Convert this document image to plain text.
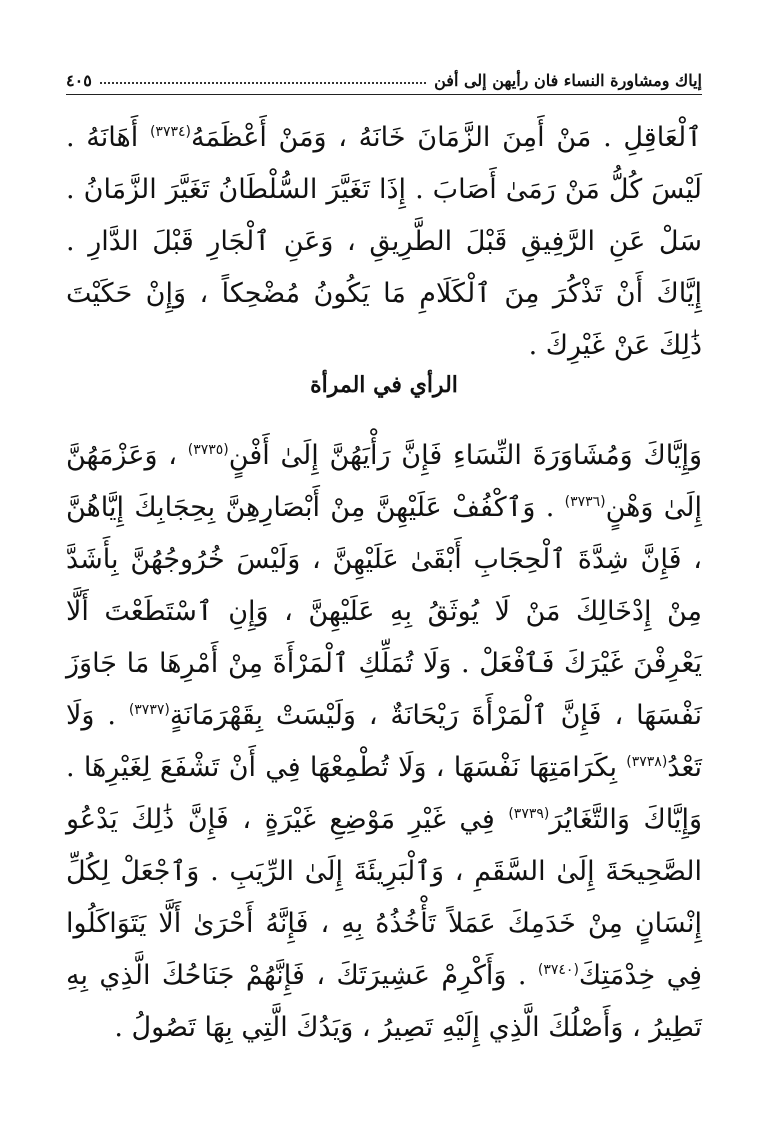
إياك ومشاورة النساء فان رأيهن إلى أفن
٤٠٥

ٱلْعَاقِلِ . مَنْ أَمِنَ الزَّمَانَ خَانَهُ ، وَمَنْ أَعْظَمَهُ$^{(٣٧٣٤)}$ أَهَانَهُ . لَيْسَ كُلُّ مَنْ رَمَىٰ أَصَابَ . إِذَا تَغَيَّرَ السُّلْطَانُ تَغَيَّرَ الزَّمَانُ . سَلْ عَنِ الرَّفِيقِ قَبْلَ الطَّرِيقِ ، وَعَنِ ٱلْجَارِ قَبْلَ الدَّارِ . إِيَّاكَ أَنْ تَذْكُرَ مِنَ ٱلْكَلَامِ مَا يَكُونُ مُضْحِكاً ، وَإِنْ حَكَيْتَ ذَٰلِكَ عَنْ غَيْرِكَ .

الرأي في المرأة

وَإِيَّاكَ وَمُشَاوَرَةَ النِّسَاءِ فَإِنَّ رَأْيَهُنَّ إِلَىٰ أَفْنٍ$^{(٣٧٣٥)}$ ، وَعَزْمَهُنَّ إِلَىٰ وَهْنٍ$^{(٣٧٣٦)}$ . وَٱكْفُفْ عَلَيْهِنَّ مِنْ أَبْصَارِهِنَّ بِحِجَابِكَ إِيَّاهُنَّ ، فَإِنَّ شِدَّةَ ٱلْحِجَابِ أَبْقَىٰ عَلَيْهِنَّ ، وَلَيْسَ خُرُوجُهُنَّ بِأَشَدَّ مِنْ إِدْخَالِكَ مَنْ لَا يُوثَقُ بِهِ عَلَيْهِنَّ ، وَإِنِ ٱسْتَطَعْتَ أَلَّا يَعْرِفْنَ غَيْرَكَ فَٱفْعَلْ . وَلَا تُمَلِّكِ ٱلْمَرْأَةَ مِنْ أَمْرِهَا مَا جَاوَزَ نَفْسَهَا ، فَإِنَّ ٱلْمَرْأَةَ رَيْحَانَةٌ ، وَلَيْسَتْ بِقَهْرَمَانَةٍ$^{(٣٧٣٧)}$ . وَلَا تَعْدُ$^{(٣٧٣٨)}$ بِكَرَامَتِهَا نَفْسَهَا ، وَلَا تُطْمِعْهَا فِي أَنْ تَشْفَعَ لِغَيْرِهَا . وَإِيَّاكَ وَالتَّغَايُرَ$^{(٣٧٣٩)}$ فِي غَيْرِ مَوْضِعِ غَيْرَةٍ ، فَإِنَّ ذَٰلِكَ يَدْعُو الصَّحِيحَةَ إِلَىٰ السَّقَمِ ، وَٱلْبَرِيئَةَ إِلَىٰ الرِّيَبِ . وَٱجْعَلْ لِكُلِّ إِنْسَانٍ مِنْ خَدَمِكَ عَمَلاً تَأْخُذُهُ بِهِ ، فَإِنَّهُ أَحْرَىٰ أَلَّا يَتَوَاكَلُوا فِي خِدْمَتِكَ$^{(٣٧٤٠)}$ . وَأَكْرِمْ عَشِيرَتَكَ ، فَإِنَّهُمْ جَنَاحُكَ الَّذِي بِهِ تَطِيرُ ، وَأَصْلُكَ الَّذِي إِلَيْهِ تَصِيرُ ، وَيَدُكَ الَّتِي بِهَا تَصُولُ .
